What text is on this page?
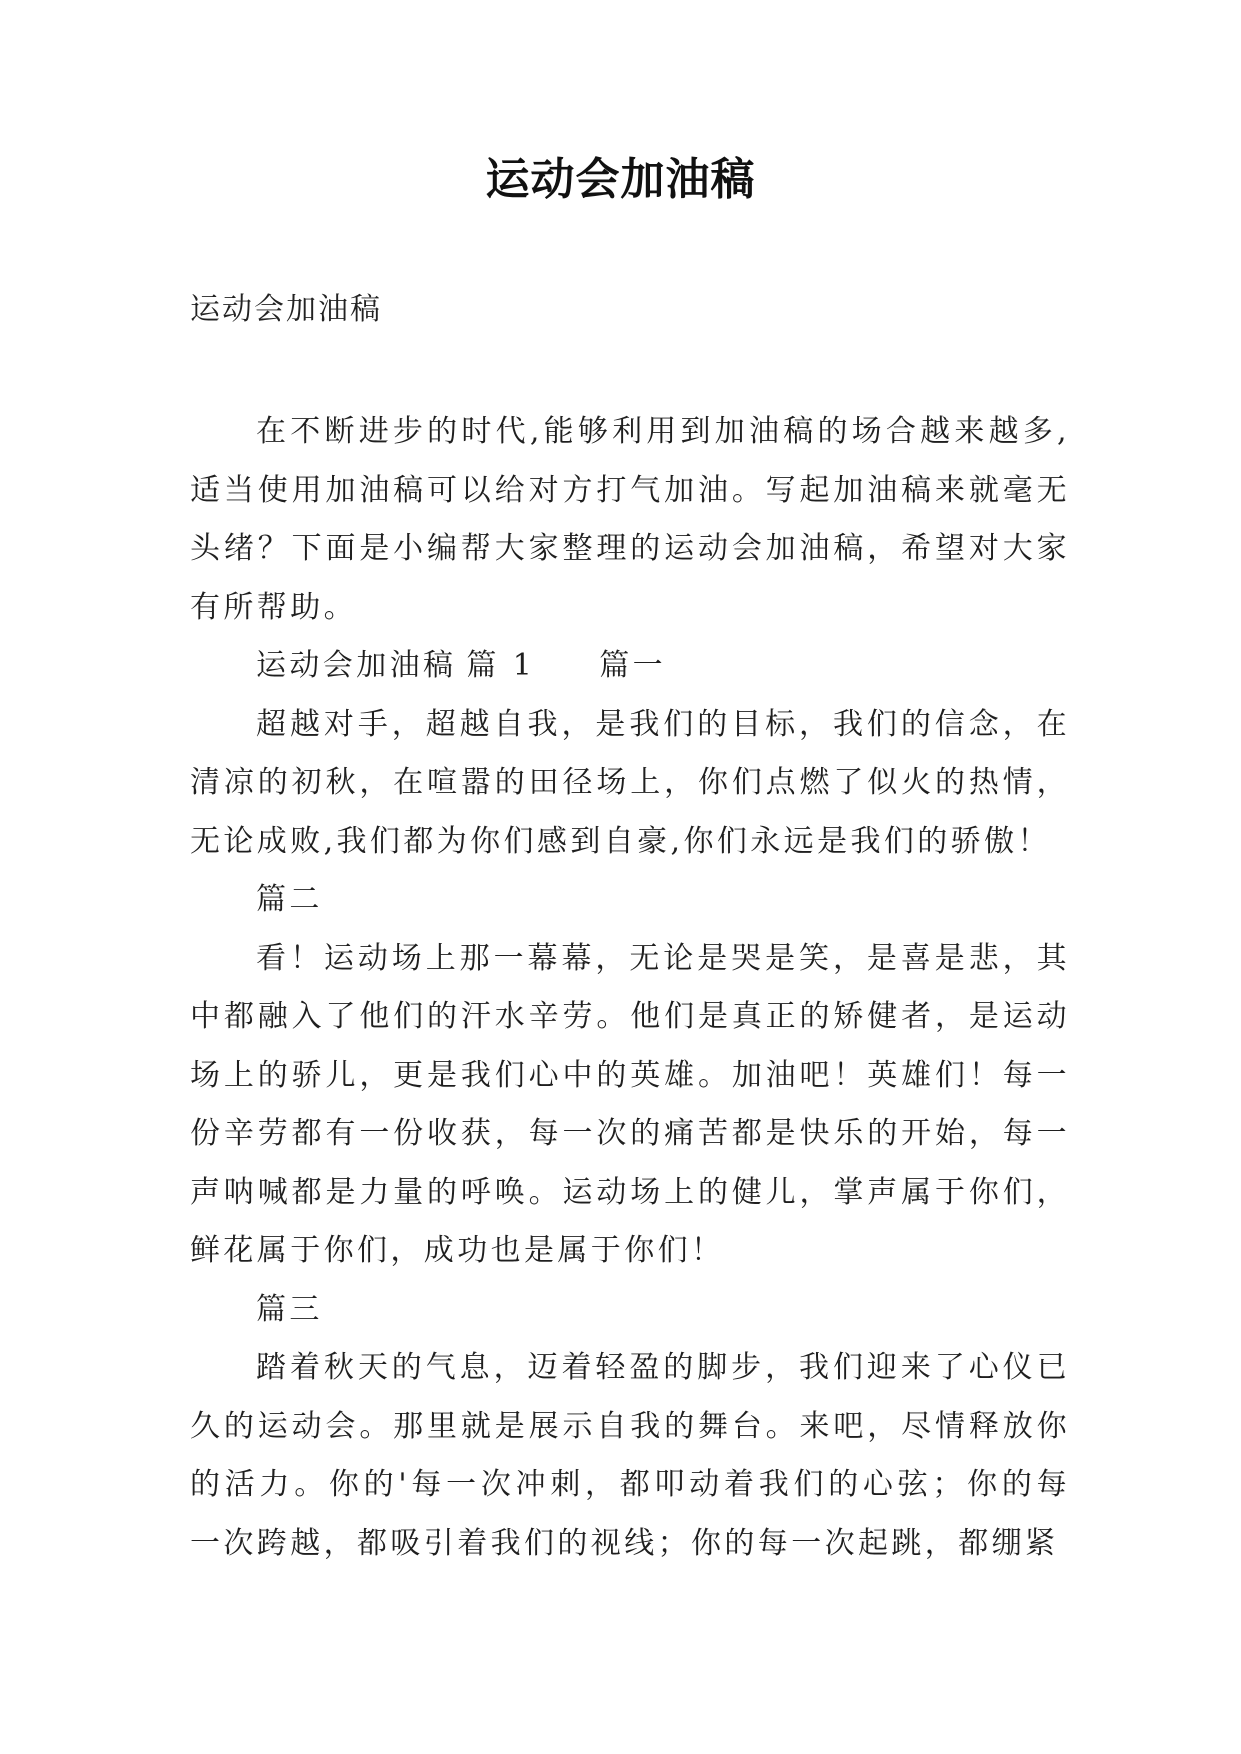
运动会加油稿
运动会加油稿

在不断进步的时代,能够利用到加油稿的场合越来越多,适当使用加油稿可以给对方打气加油。写起加油稿来就毫无头绪？下面是小编帮大家整理的运动会加油稿，希望对大家有所帮助。

运动会加油稿 篇 1 篇一

超越对手，超越自我，是我们的目标，我们的信念，在清凉的初秋，在喧嚣的田径场上，你们点燃了似火的热情，无论成败,我们都为你们感到自豪,你们永远是我们的骄傲！

篇二

看！运动场上那一幕幕，无论是哭是笑，是喜是悲，其中都融入了他们的汗水辛劳。他们是真正的矫健者，是运动场上的骄儿，更是我们心中的英雄。加油吧！英雄们！每一份辛劳都有一份收获，每一次的痛苦都是快乐的开始，每一声呐喊都是力量的呼唤。运动场上的健儿，掌声属于你们，鲜花属于你们，成功也是属于你们！

篇三

踏着秋天的气息，迈着轻盈的脚步，我们迎来了心仪已久的运动会。那里就是展示自我的舞台。来吧，尽情释放你的活力。你的'每一次冲刺，都叩动着我们的心弦；你的每一次跨越，都吸引着我们的视线；你的每一次起跳，都绷紧
